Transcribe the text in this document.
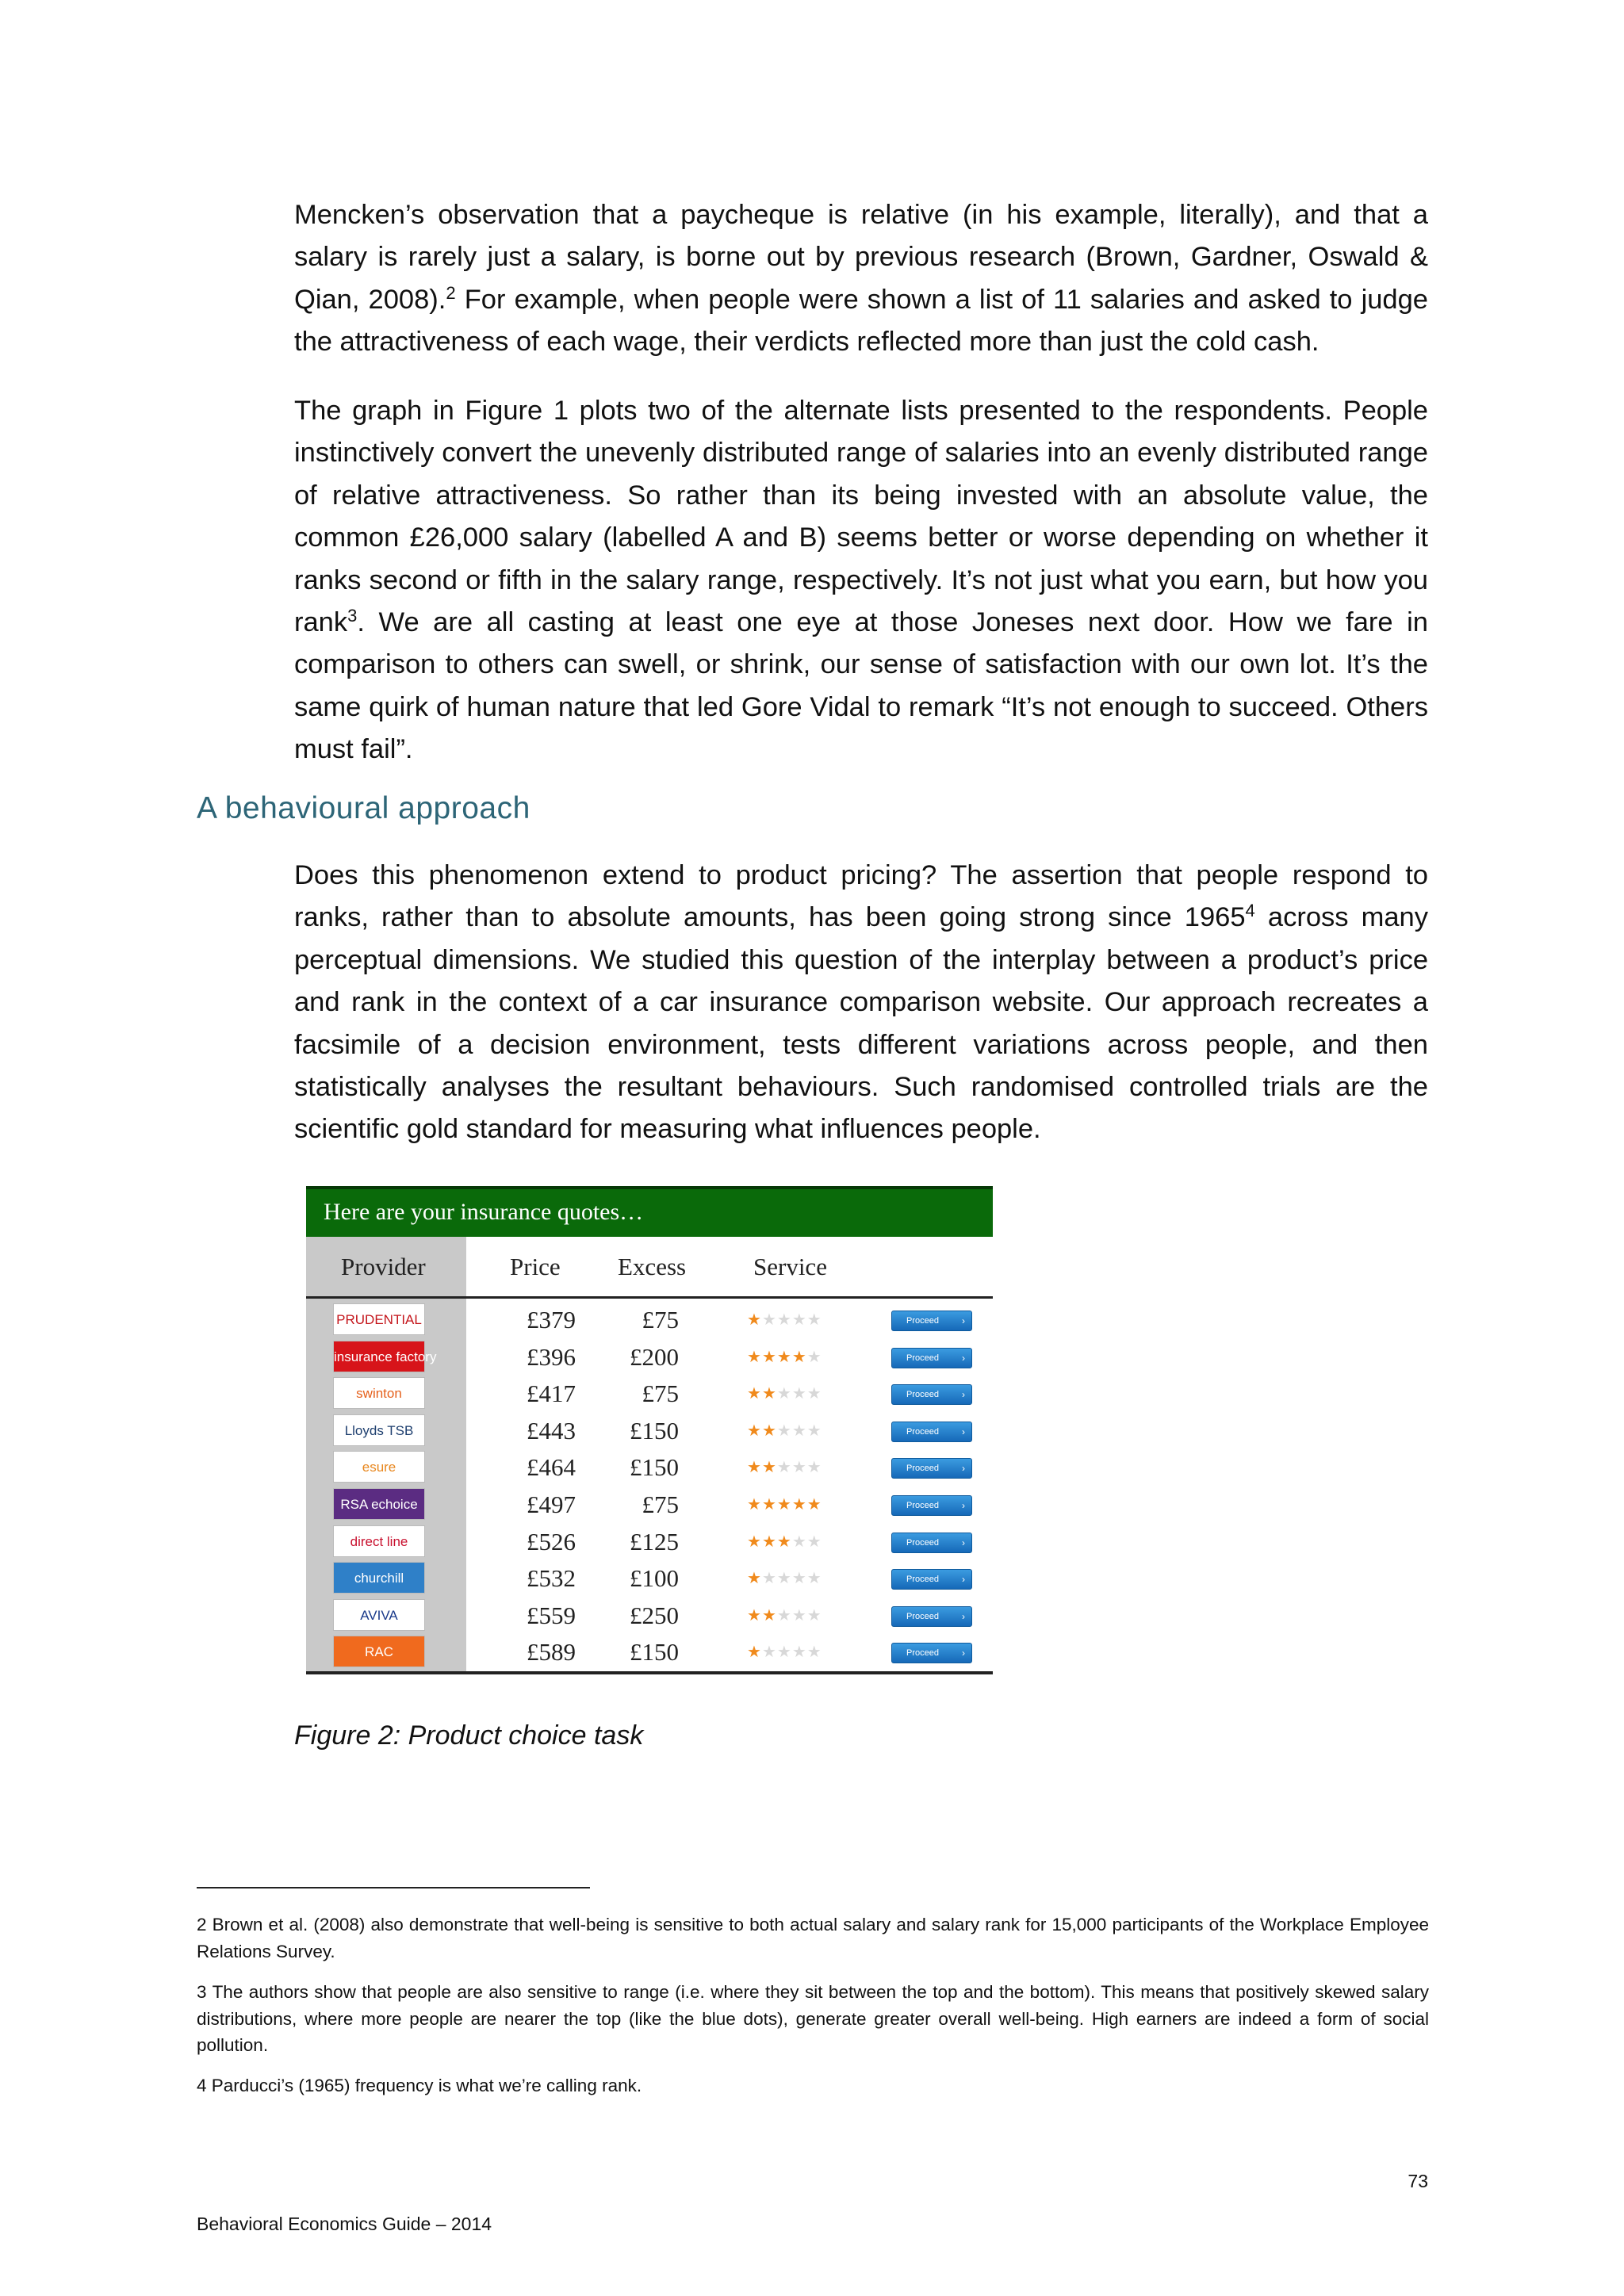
Mencken’s observation that a paycheque is relative (in his example, literally), and that a salary is rarely just a salary, is borne out by previous research (Brown, Gardner, Oswald & Qian, 2008).$^2$ For example, when people were shown a list of 11 salaries and asked to judge the attractiveness of each wage, their verdicts reflected more than just the cold cash.

The graph in Figure 1 plots two of the alternate lists presented to the respondents. People instinctively convert the unevenly distributed range of salaries into an evenly distributed range of relative attractiveness. So rather than its being invested with an absolute value, the common £26,000 salary (labelled A and B) seems better or worse depending on whether it ranks second or fifth in the salary range, respectively. It’s not just what you earn, but how you rank$^3$. We are all casting at least one eye at those Joneses next door. How we fare in comparison to others can swell, or shrink, our sense of satisfaction with our own lot. It’s the same quirk of human nature that led Gore Vidal to remark “It’s not enough to succeed. Others must fail”.

A behavioural approach

Does this phenomenon extend to product pricing? The assertion that people respond to ranks, rather than to absolute amounts, has been going strong since 1965$^4$ across many perceptual dimensions. We studied this question of the interplay between a product’s price and rank in the context of a car insurance comparison website. Our approach recreates a facsimile of a decision environment, tests different variations across people, and then statistically analyses the resultant behaviours. Such randomised controlled trials are the scientific gold standard for measuring what influences people.

Here are your insurance quotes…
Provider	Price Excess	Service
PRUDENTIAL	£379	£75	★★★★★	Proceed ›
insurance factory	£396 £200	★★★★★	Proceed ›
swinton	£417	£75	★★★★★	Proceed ›
Lloyds TSB	£443 £150	★★★★★	Proceed ›
esure	£464 £150	★★★★★	Proceed ›
RSA echoice	£497	£75	★★★★★	Proceed ›
direct line	£526 £125	★★★★★	Proceed ›
churchill	£532 £100	★★★★★	Proceed ›
AVIVA	£559 £250	★★★★★	Proceed ›
RAC	£589 £150	★★★★★	Proceed ›

Figure 2: Product choice task

2 Brown et al. (2008) also demonstrate that well-being is sensitive to both actual salary and salary rank for 15,000 participants of the Workplace Employee Relations Survey.

3 The authors show that people are also sensitive to range (i.e. where they sit between the top and the bottom). This means that positively skewed salary distributions, where more people are nearer the top (like the blue dots), generate greater overall well-being. High earners are indeed a form of social pollution.

4 Parducci’s (1965) frequency is what we’re calling rank.

73

Behavioral Economics Guide – 2014
